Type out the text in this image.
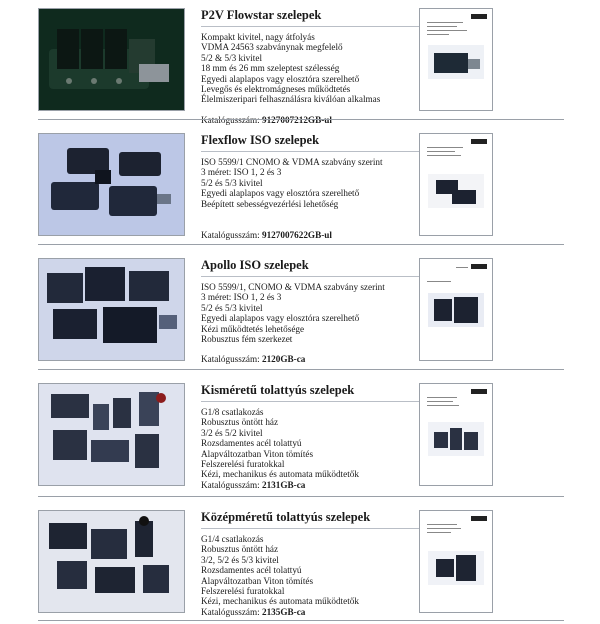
P2V Flowstar szelepek

Kompakt kivitel, nagy átfolyás

VDMA 24563 szabványnak megfelelő

5/2 & 5/3 kivitel

18 mm és 26 mm szeleptest szélesség

Egyedi alaplapos vagy elosztóra szerelhető

Levegős és elektromágneses működtetés

Élelmiszeripari felhasználásra kiválóan alkalmas

Flexflow ISO szelepek

ISO 5599/1 CNOMO & VDMA szabvány szerint

3 méret: ISO 1, 2 és 3

5/2 és 5/3 kivitel

Egyedi alaplapos vagy elosztóra szerelhető

Beépített sebességvezérlési lehetőség

Katalógusszám: 9127007622GB-ul

Apollo ISO szelepek

ISO 5599/1, CNOMO & VDMA szabvány szerint

3 méret: ISO 1, 2 és 3

5/2 és 5/3 kivitel

Egyedi alaplapos vagy elosztóra szerelhető

Kézi működtetés lehetősége

Robusztus fém szerkezet

Katalógusszám: 2120GB-ca

Kisméretű tolattyús szelepek

G1/8 csatlakozás

Robusztus öntött ház

3/2 és 5/2 kivitel

Rozsdamentes acél tolattyú

Alapváltozatban Viton tömítés

Felszerelési furatokkal

Kézi, mechanikus és automata működtetők

Katalógusszám: 2131GB-ca

Középméretű tolattyús szelepek

G1/4 csatlakozás

Robusztus öntött ház

3/2, 5/2 és 5/3 kivitel

Rozsdamentes acél tolattyú

Alapváltozatban Viton tömítés

Felszerelési furatokkal

Kézi, mechanikus és automata működtetők

Katalógusszám: 2135GB-ca
